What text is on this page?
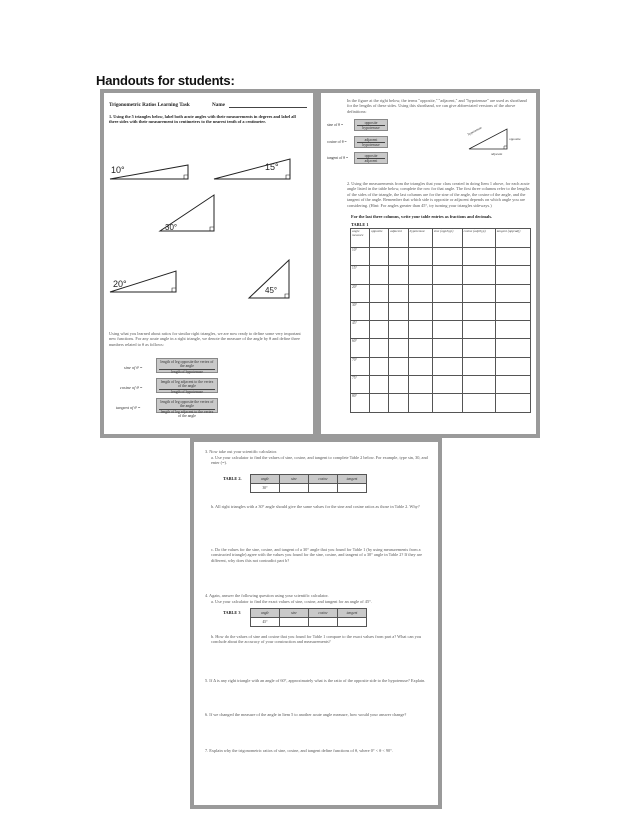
Handouts for students:
Trigonometric Ratios Learning Task	Name
1. Using the 5 triangles below, label both acute angles with their measurements in degrees and label all three sides with their measurement in centimeters to the nearest tenth of a centimeter.
10°	15°
30°
20°
45°
Using what you learned about ratios for similar right triangles, we are now ready to define some very important new functions. For any acute angle in a right triangle, we denote the measure of the angle by θ and define three numbers related to θ as follows:
sine of θ =
length of leg opposite the vertex of the angle
length of hypotenuse
cosine of θ =
length of leg adjacent to the vertex of the angle
length of hypotenuse
tangent of θ =
length of leg opposite the vertex of the angle
length of leg adjacent to the vertex of the angle
In the figure at the right below, the terms "opposite," "adjacent," and "hypotenuse" are used as shorthand for the lengths of these sides. Using this shorthand, we can give abbreviated versions of the above definitions:
sine of θ =	opposite
hypotenuse
cosine of θ =	adjacent
hypotenuse
tangent of θ =	opposite
adjacent
hypotenuse
opposite
adjacent
2. Using the measurements from the triangles that your class created in doing Item 1 above, for each acute angle listed in the table below, complete the row for that angle. The first three columns refer to the lengths of the sides of the triangle, the last columns are for the sine of the angle, the cosine of the angle, and the tangent of the angle. Remember that which side is opposite or adjacent depends on which angle you are considering. (Hint: For angles greater than 45°, try turning your triangles sideways.)
For the last three columns, write your table entries as fractions and decimals.
TABLE 1
angle measure	opposite	adjacent	hypotenuse	sine (opp/hyp)	cosine (adj/hyp)	tangent (opp/adj)
10°						
15°						
20°						
30°						
45°						
60°						
70°						
75°						
80°						
3. Now take out your scientific calculator.
a. Use your calculator to find the values of sine, cosine, and tangent to complete Table 2 below. For example, type sin, 30, and enter (=).
TABLE 2.	angle	sine	cosine	tangent
30°			
b. All right triangles with a 30° angle should give the same values for the sine and cosine ratios as those in Table 2. Why?
c. Do the values for the sine, cosine, and tangent of a 30° angle that you found for Table 1 (by using measurements from a constructed triangle) agree with the values you found for the sine, cosine, and tangent of a 30° angle in Table 2? If they are different, why does this not contradict part b?
4. Again, answer the following question using your scientific calculator.
a. Use your calculator to find the exact values of sine, cosine, and tangent for an angle of 45°.
TABLE 3	angle	sine	cosine	tangent
45°			
b. How do the values of sine and cosine that you found for Table 1 compare to the exact values from part a? What can you conclude about the accuracy of your construction and measurements?
5. If Δ is any right triangle with an angle of 60°, approximately what is the ratio of the opposite side to the hypotenuse? Explain.
6. If we changed the measure of the angle in Item 5 to another acute angle measure, how would your answer change?
7. Explain why the trigonometric ratios of sine, cosine, and tangent define functions of θ, where 0° < θ < 90°.
